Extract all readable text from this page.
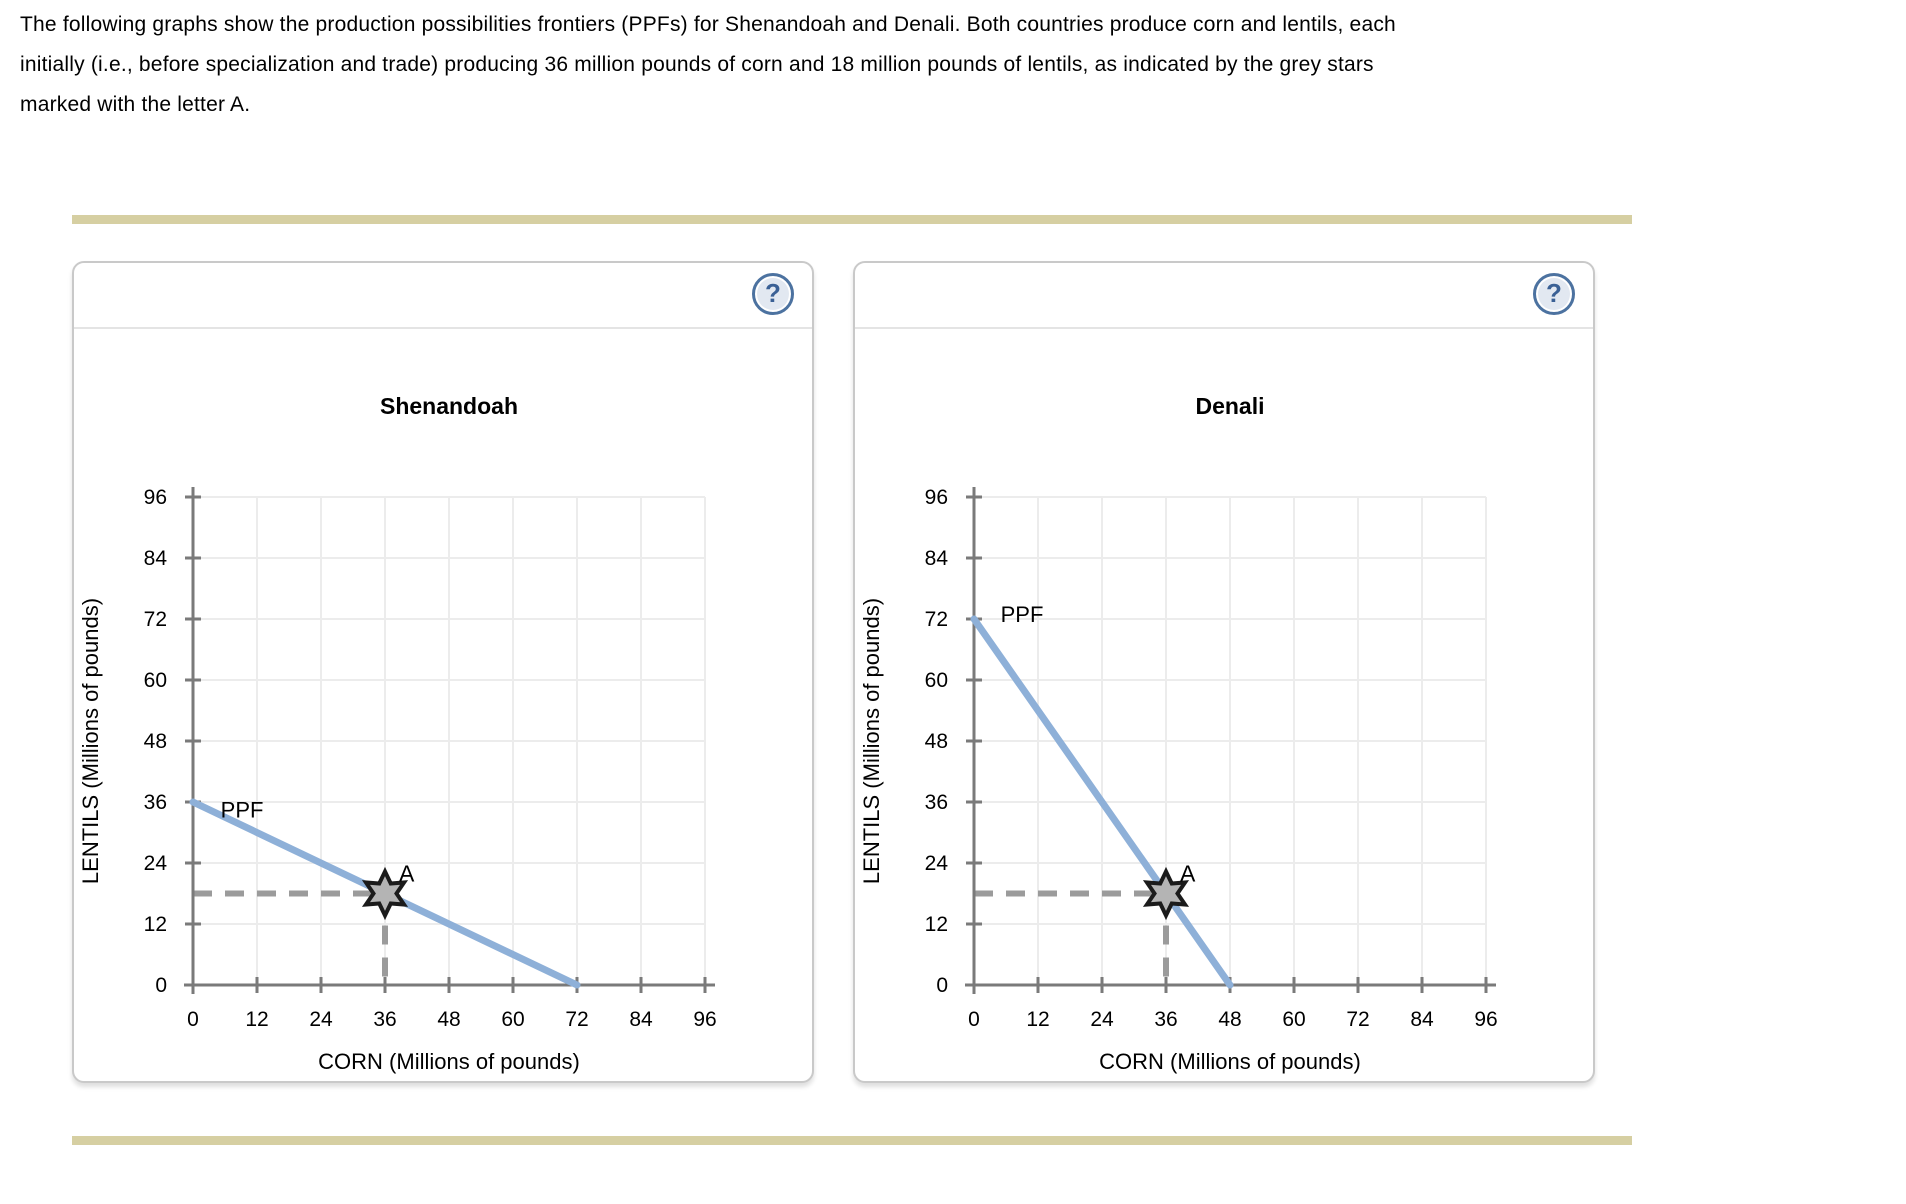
The following graphs show the production possibilities frontiers (PPFs) for Shenandoah and Denali. Both countries produce corn and lentils, each
initially (i.e., before specialization and trade) producing 36 million pounds of corn and 18 million pounds of lentils, as indicated by the grey stars
marked with the letter A.
?
0 12 24 36 48 60 72 84 96
0
12
24
36
48
60
72
84
96
Shenandoah
CORN (Millions of pounds)
LENTILS (Millions of pounds)	PPF
A
?
0 12 24 36 48 60 72 84 96
0
12
24
36
48
60
72
84
96
Denali
CORN (Millions of pounds)
LENTILS (Millions of pounds)	PPF
A
